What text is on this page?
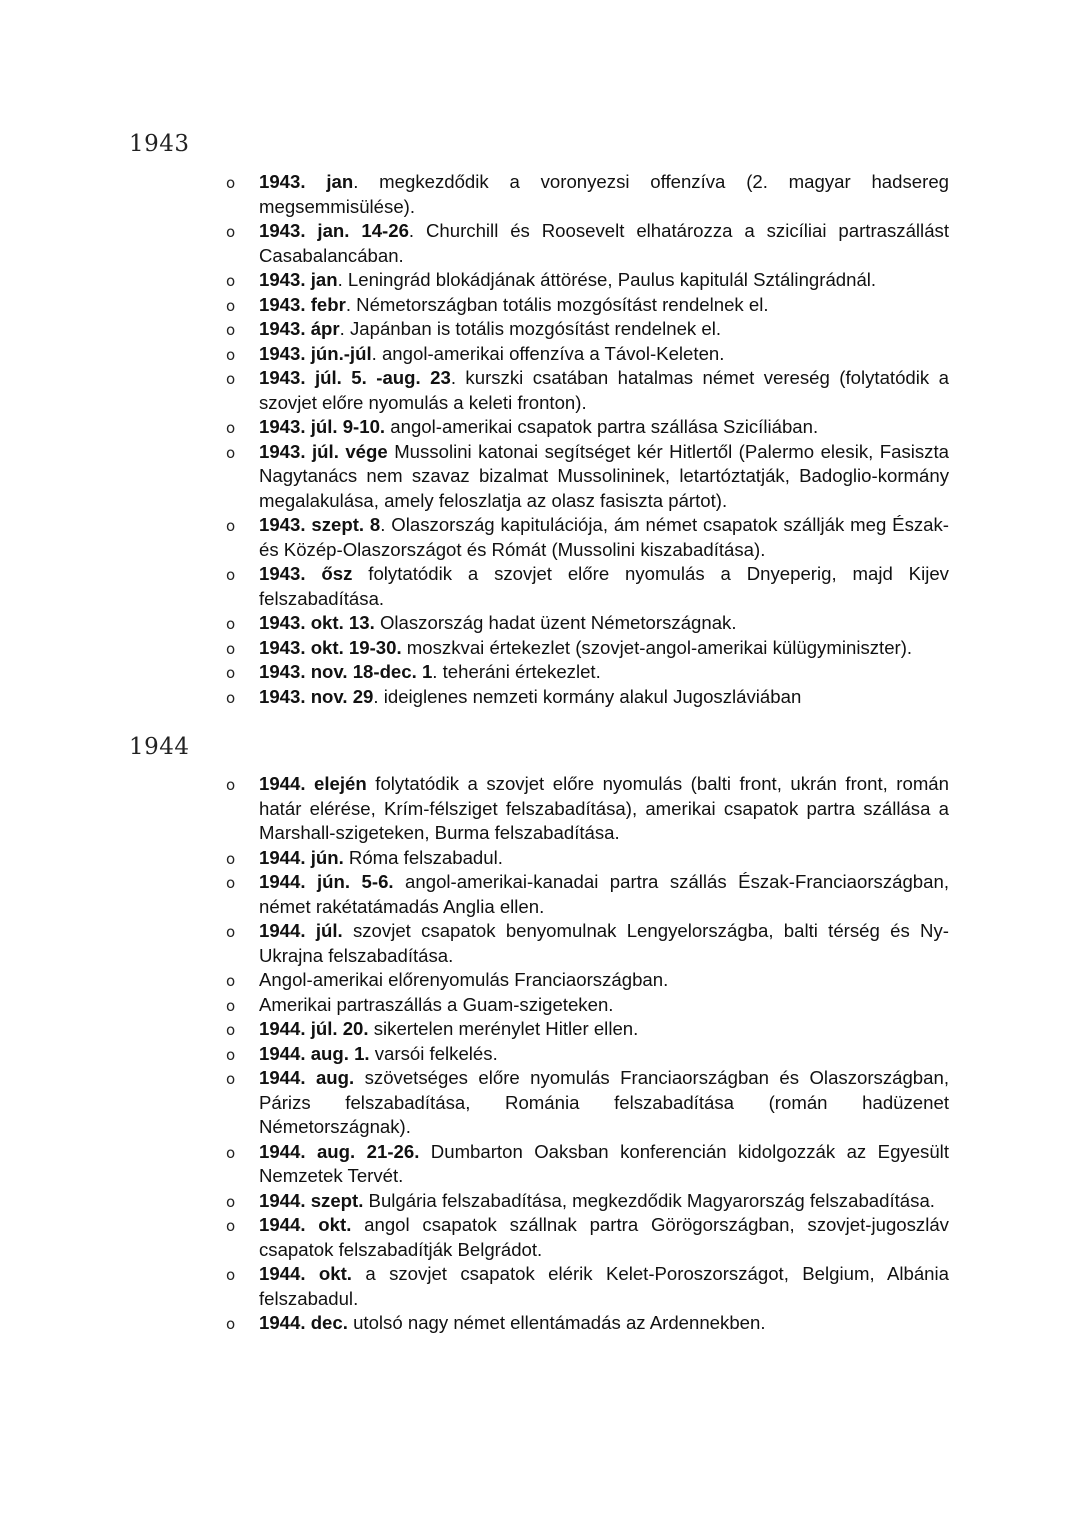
1943
o 1943. jan. megkezdődik a voronyezsi offenzíva (2. magyar hadsereg megsemmisülése).
o 1943. jan. 14-26. Churchill és Roosevelt elhatározza a szicíliai partraszállást Casabalancában.
o 1943. jan. Leningrád blokádjának áttörése, Paulus kapitulál Sztálingrádnál.
o 1943. febr. Németországban totális mozgósítást rendelnek el.
o 1943. ápr. Japánban is totális mozgósítást rendelnek el.
o 1943. jún.-júl. angol-amerikai offenzíva a Távol-Keleten.
o 1943. júl. 5. -aug. 23. kurszki csatában hatalmas német vereség (folytatódik a szovjet előre nyomulás a keleti fronton).
o 1943. júl. 9-10. angol-amerikai csapatok partra szállása Szicíliában.
o 1943. júl. vége Mussolini katonai segítséget kér Hitlertől (Palermo elesik, Fasiszta Nagytanács nem szavaz bizalmat Mussolininek, letartóztatják, Badoglio-kormány megalakulása, amely feloszlatja az olasz fasiszta pártot).
o 1943. szept. 8. Olaszország kapitulációja, ám német csapatok szállják meg Észak- és Közép-Olaszországot és Rómát (Mussolini kiszabadítása).
o 1943. ősz folytatódik a szovjet előre nyomulás a Dnyeperig, majd Kijev felszabadítása.
o 1943. okt. 13. Olaszország hadat üzent Németországnak.
o 1943. okt. 19-30. moszkvai értekezlet (szovjet-angol-amerikai külügyminiszter).
o 1943. nov. 18-dec. 1. teheráni értekezlet.
o 1943. nov. 29. ideiglenes nemzeti kormány alakul Jugoszláviában
1944
o 1944. elején folytatódik a szovjet előre nyomulás (balti front, ukrán front, román határ elérése, Krím-félsziget felszabadítása), amerikai csapatok partra szállása a Marshall-szigeteken, Burma felszabadítása.
o 1944. jún. Róma felszabadul.
o 1944. jún. 5-6. angol-amerikai-kanadai partra szállás Észak-Franciaországban, német rakétatámadás Anglia ellen.
o 1944. júl. szovjet csapatok benyomulnak Lengyelországba, balti térség és Ny-Ukrajna felszabadítása.
o Angol-amerikai előrenyomulás Franciaországban.
o Amerikai partraszállás a Guam-szigeteken.
o 1944. júl. 20. sikertelen merénylet Hitler ellen.
o 1944. aug. 1. varsói felkelés.
o 1944. aug. szövetséges előre nyomulás Franciaországban és Olaszországban, Párizs felszabadítása, Románia felszabadítása (román hadüzenet Németországnak).
o 1944. aug. 21-26. Dumbarton Oaksban konferencián kidolgozzák az Egyesült Nemzetek Tervét.
o 1944. szept. Bulgária felszabadítása, megkezdődik Magyarország felszabadítása.
o 1944. okt. angol csapatok szállnak partra Görögországban, szovjet-jugoszláv csapatok felszabadítják Belgrádot.
o 1944. okt. a szovjet csapatok elérik Kelet-Poroszországot, Belgium, Albánia felszabadul.
o 1944. dec. utolsó nagy német ellentámadás az Ardennekben.
